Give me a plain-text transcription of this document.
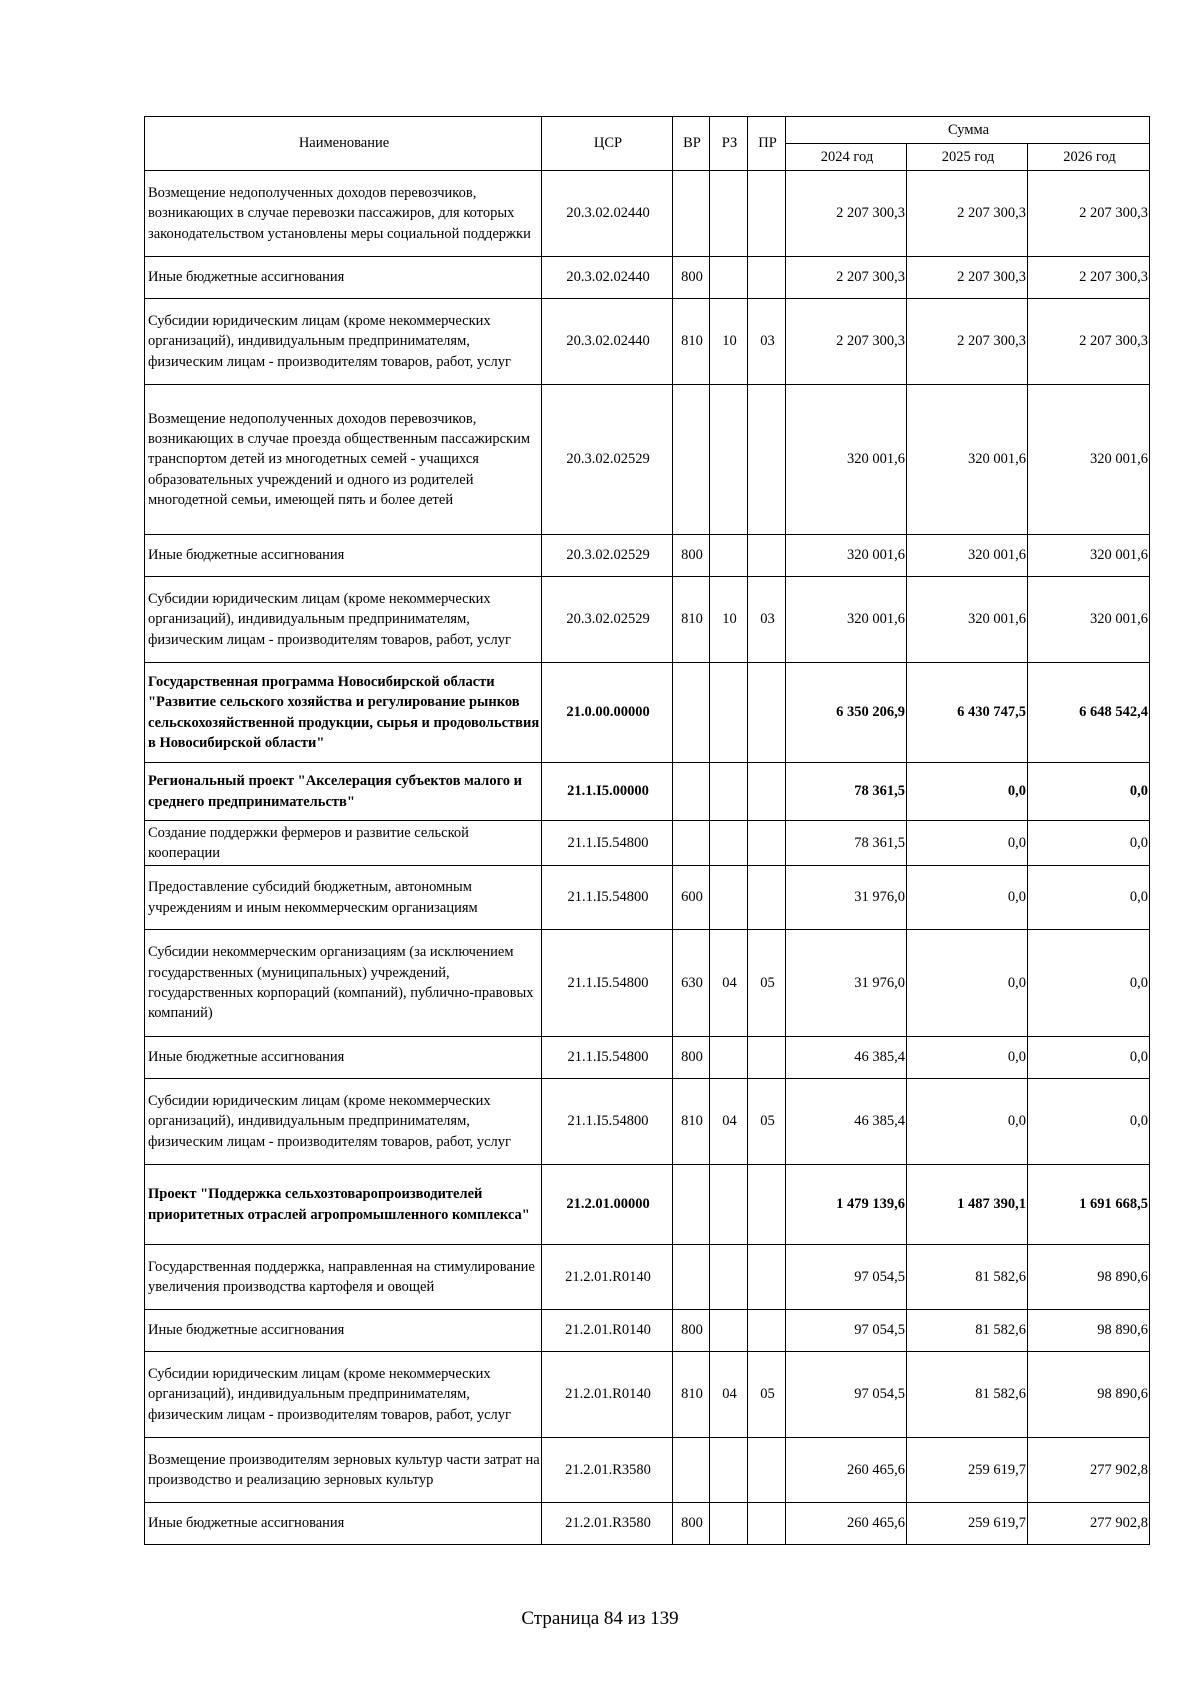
Наименование	ЦСР	ВР	РЗ	ПР	Сумма		
					2024 год	2025 год	2026 год
Возмещение недополученных доходов перевозчиков, возникающих в случае перевозки пассажиров, для которых законодательством установлены меры социальной поддержки	20.3.02.02440				2 207 300,3	2 207 300,3	2 207 300,3
Иные бюджетные ассигнования	20.3.02.02440	800			2 207 300,3	2 207 300,3	2 207 300,3
Субсидии юридическим лицам (кроме некоммерческих организаций), индивидуальным предпринимателям, физическим лицам - производителям товаров, работ, услуг	20.3.02.02440	810	10	03	2 207 300,3	2 207 300,3	2 207 300,3
Возмещение недополученных доходов перевозчиков, возникающих в случае проезда общественным пассажирским транспортом детей из многодетных семей - учащихся образовательных учреждений и одного из родителей многодетной семьи, имеющей пять и более детей	20.3.02.02529				320 001,6	320 001,6	320 001,6
Иные бюджетные ассигнования	20.3.02.02529	800			320 001,6	320 001,6	320 001,6
Субсидии юридическим лицам (кроме некоммерческих организаций), индивидуальным предпринимателям, физическим лицам - производителям товаров, работ, услуг	20.3.02.02529	810	10	03	320 001,6	320 001,6	320 001,6
Государственная программа Новосибирской области "Развитие сельского хозяйства и регулирование рынков сельскохозяйственной продукции, сырья и продовольствия в Новосибирской области"	21.0.00.00000				6 350 206,9	6 430 747,5	6 648 542,4
Региональный проект "Акселерация субъектов малого и среднего предпринимательств"	21.1.I5.00000				78 361,5	0,0	0,0
Создание поддержки фермеров и развитие сельской кооперации	21.1.I5.54800				78 361,5	0,0	0,0
Предоставление субсидий бюджетным, автономным учреждениям и иным некоммерческим организациям	21.1.I5.54800	600			31 976,0	0,0	0,0
Субсидии некоммерческим организациям (за исключением государственных (муниципальных) учреждений, государственных корпораций (компаний), публично-правовых компаний)	21.1.I5.54800	630	04	05	31 976,0	0,0	0,0
Иные бюджетные ассигнования	21.1.I5.54800	800			46 385,4	0,0	0,0
Субсидии юридическим лицам (кроме некоммерческих организаций), индивидуальным предпринимателям, физическим лицам - производителям товаров, работ, услуг	21.1.I5.54800	810	04	05	46 385,4	0,0	0,0
Проект "Поддержка сельхозтоваропроизводителей приоритетных отраслей агропромышленного комплекса"	21.2.01.00000				1 479 139,6	1 487 390,1	1 691 668,5
Государственная поддержка, направленная на стимулирование увеличения производства картофеля и овощей	21.2.01.R0140				97 054,5	81 582,6	98 890,6
Иные бюджетные ассигнования	21.2.01.R0140	800			97 054,5	81 582,6	98 890,6
Субсидии юридическим лицам (кроме некоммерческих организаций), индивидуальным предпринимателям, физическим лицам - производителям товаров, работ, услуг	21.2.01.R0140	810	04	05	97 054,5	81 582,6	98 890,6
Возмещение производителям зерновых культур части затрат на производство и реализацию зерновых культур	21.2.01.R3580				260 465,6	259 619,7	277 902,8
Иные бюджетные ассигнования	21.2.01.R3580	800			260 465,6	259 619,7	277 902,8
Страница 84 из 139
